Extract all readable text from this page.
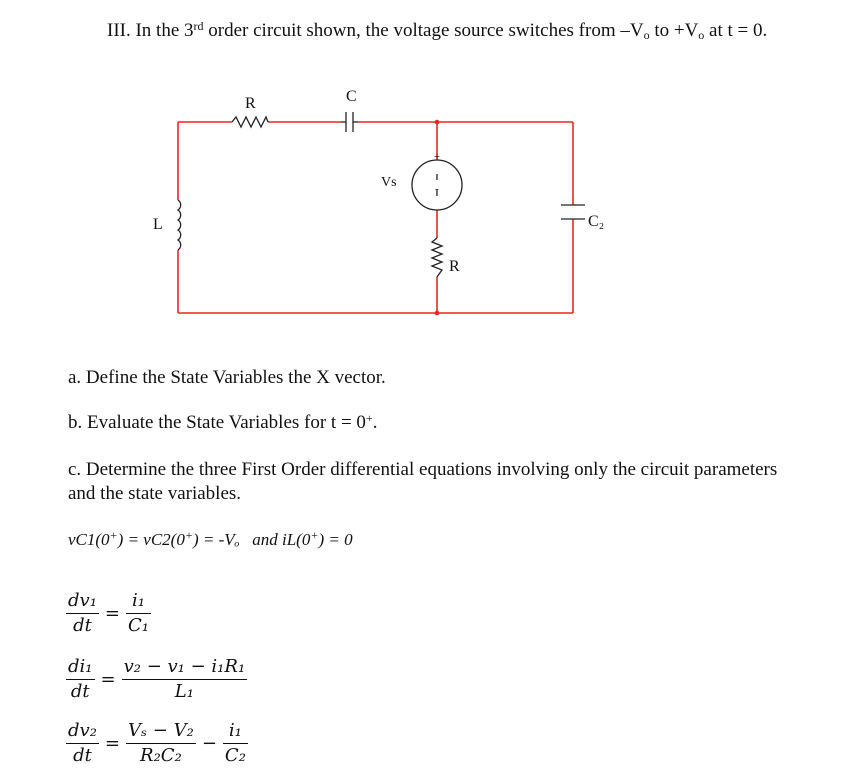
III. In the 3rd order circuit shown, the voltage source switches from $-V_o$ to $+V_o$ at t = 0.
R	C
L
Vs
+
-
C₂
R
a. Define the State Variables the X vector.
b. Evaluate the State Variables for t = 0+.
c. Determine the three First Order differential equations involving only the circuit parameters
and the state variables.
vC1(0+) = vC2(0+) = -Vₒ and iL(0+) = 0
$\frac{\text{dv₁}}{dt} = \frac{\text{i₁}}{\text{C₁}}$
$\frac{\text{di₁}}{dt} = \frac{\text{v₂ − v₁ − i₁R₁}}{\text{L₁}}$
$\frac{\text{dv₂}}{dt} = \frac{\text{Vₛ − V₂}}{\text{R₂C₂}} - \frac{\text{i₁}}{\text{C₂}}$
